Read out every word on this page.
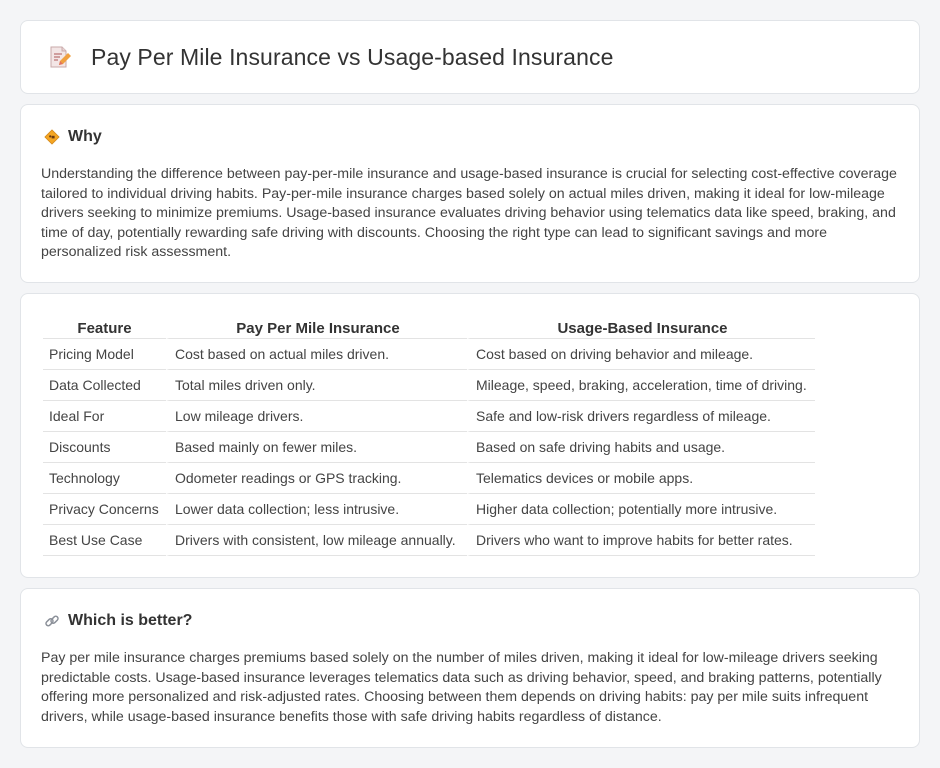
Pay Per Mile Insurance vs Usage-based Insurance
Why

Understanding the difference between pay-per-mile insurance and usage-based insurance is crucial for selecting cost-effective coverage tailored to individual driving habits. Pay-per-mile insurance charges based solely on actual miles driven, making it ideal for low-mileage drivers seeking to minimize premiums. Usage-based insurance evaluates driving behavior using telematics data like speed, braking, and time of day, potentially rewarding safe driving with discounts. Choosing the right type can lead to significant savings and more personalized risk assessment.

Feature	Pay Per Mile Insurance	Usage-Based Insurance
Pricing Model	Cost based on actual miles driven.	Cost based on driving behavior and mileage.
Data Collected	Total miles driven only.	Mileage, speed, braking, acceleration, time of driving.
Ideal For	Low mileage drivers.	Safe and low-risk drivers regardless of mileage.
Discounts	Based mainly on fewer miles.	Based on safe driving habits and usage.
Technology	Odometer readings or GPS tracking.	Telematics devices or mobile apps.
Privacy Concerns	Lower data collection; less intrusive.	Higher data collection; potentially more intrusive.
Best Use Case	Drivers with consistent, low mileage annually.	Drivers who want to improve habits for better rates.
Which is better?

Pay per mile insurance charges premiums based solely on the number of miles driven, making it ideal for low-mileage drivers seeking predictable costs. Usage-based insurance leverages telematics data such as driving behavior, speed, and braking patterns, potentially offering more personalized and risk-adjusted rates. Choosing between them depends on driving habits: pay per mile suits infrequent drivers, while usage-based insurance benefits those with safe driving habits regardless of distance.
